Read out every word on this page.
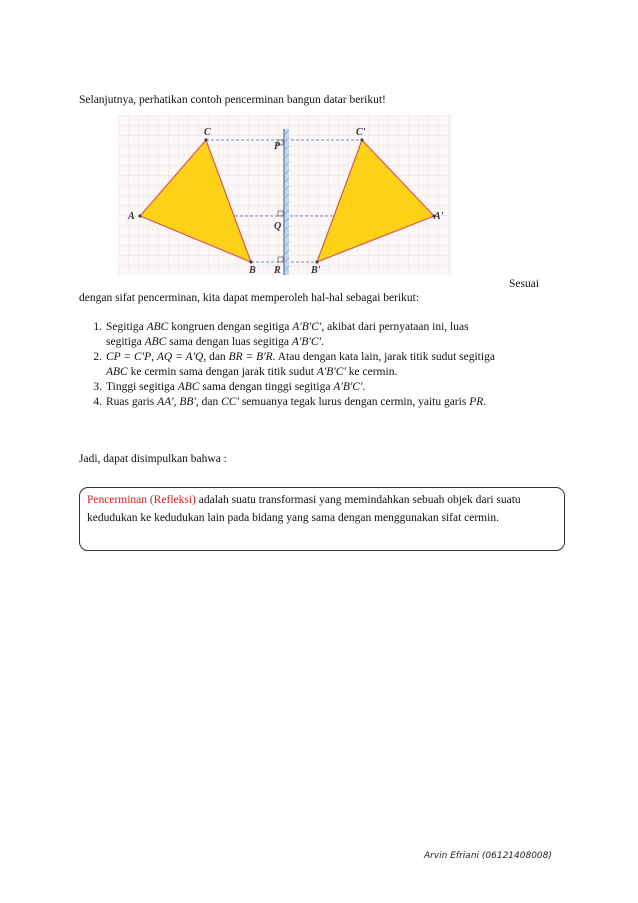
Selanjutnya, perhatikan contoh pencerminan bangun datar berikut!
C
A
B
P
Q
R
C'
A'
B'
Sesuai
dengan sifat pencerminan, kita dapat memperoleh hal-hal sebagai berikut:
1. Segitiga ABC kongruen dengan segitiga A'B'C', akibat dari pernyataan ini, luas
segitiga ABC sama dengan luas segitiga A'B'C'.
2. CP = C'P, AQ = A'Q, dan BR = B'R. Atau dengan kata lain, jarak titik sudut segitiga
ABC ke cermin sama dengan jarak titik sudut A'B'C' ke cermin.
3. Tinggi segitiga ABC sama dengan tinggi segitiga A'B'C'.
4. Ruas garis AA', BB', dan CC' semuanya tegak lurus dengan cermin, yaitu garis PR.
Jadi, dapat disimpulkan bahwa :

Pencerminan (Refleksi) adalah suatu transformasi yang memindahkan sebuah objek dari suatu kedudukan ke kedudukan lain pada bidang yang sama dengan menggunakan sifat cermin.

Arvin Efriani (06121408008)
